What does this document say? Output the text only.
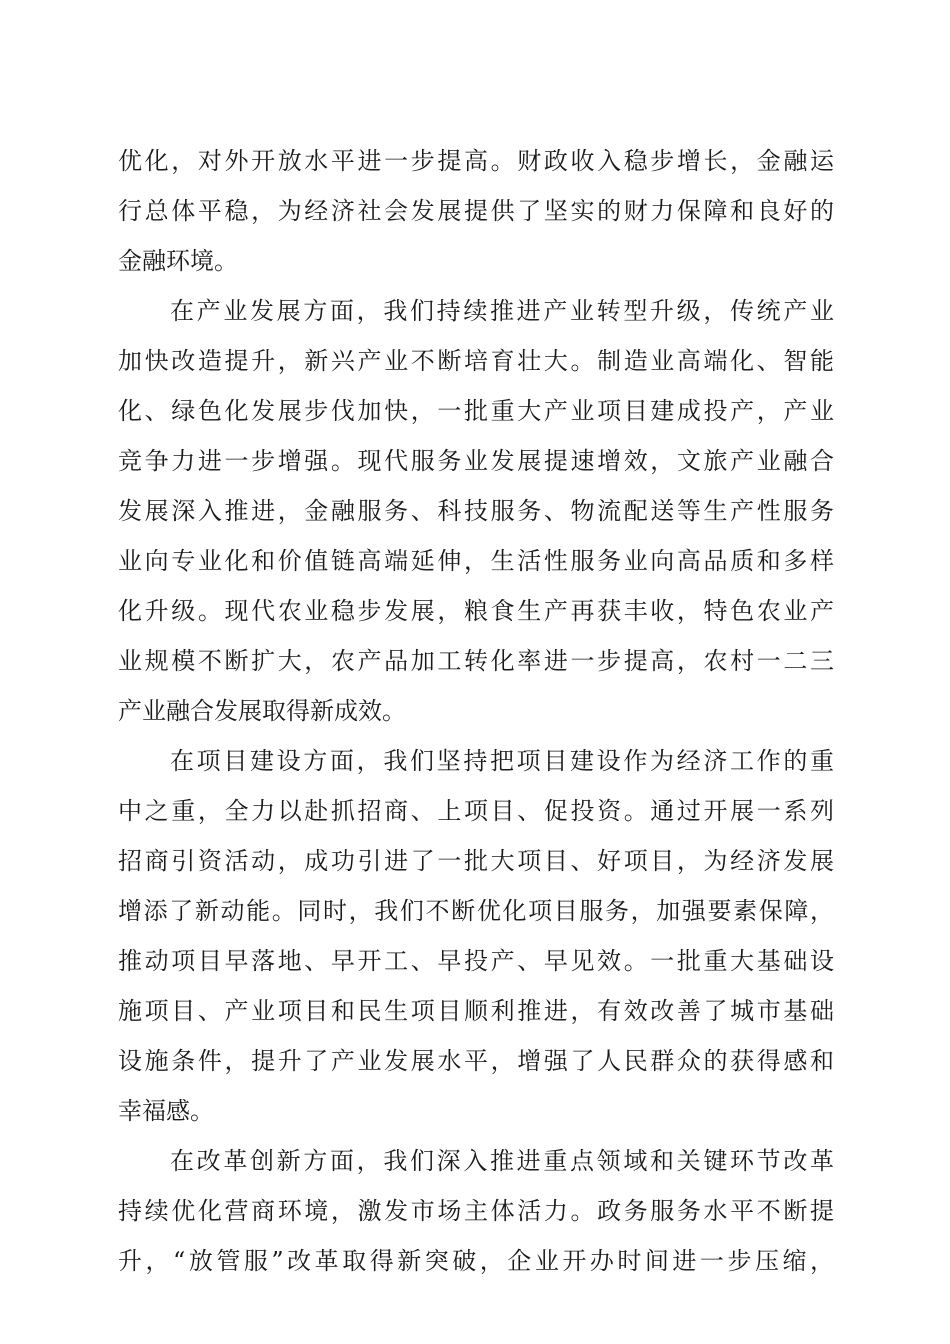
优化，对外开放水平进一步提高。财政收入稳步增长，金融运
行总体平稳，为经济社会发展提供了坚实的财力保障和良好的
金融环境。
在产业发展方面，我们持续推进产业转型升级，传统产业
加快改造提升，新兴产业不断培育壮大。制造业高端化、智能
化、绿色化发展步伐加快，一批重大产业项目建成投产，产业
竞争力进一步增强。现代服务业发展提速增效，文旅产业融合
发展深入推进，金融服务、科技服务、物流配送等生产性服务
业向专业化和价值链高端延伸，生活性服务业向高品质和多样
化升级。现代农业稳步发展，粮食生产再获丰收，特色农业产
业规模不断扩大，农产品加工转化率进一步提高，农村一二三
产业融合发展取得新成效。
在项目建设方面，我们坚持把项目建设作为经济工作的重
中之重，全力以赴抓招商、上项目、促投资。通过开展一系列
招商引资活动，成功引进了一批大项目、好项目，为经济发展
增添了新动能。同时，我们不断优化项目服务，加强要素保障，
推动项目早落地、早开工、早投产、早见效。一批重大基础设
施项目、产业项目和民生项目顺利推进，有效改善了城市基础
设施条件，提升了产业发展水平，增强了人民群众的获得感和
幸福感。
在改革创新方面，我们深入推进重点领域和关键环节改革
持续优化营商环境，激发市场主体活力。政务服务水平不断提
升，“放管服”改革取得新突破，企业开办时间进一步压缩，
